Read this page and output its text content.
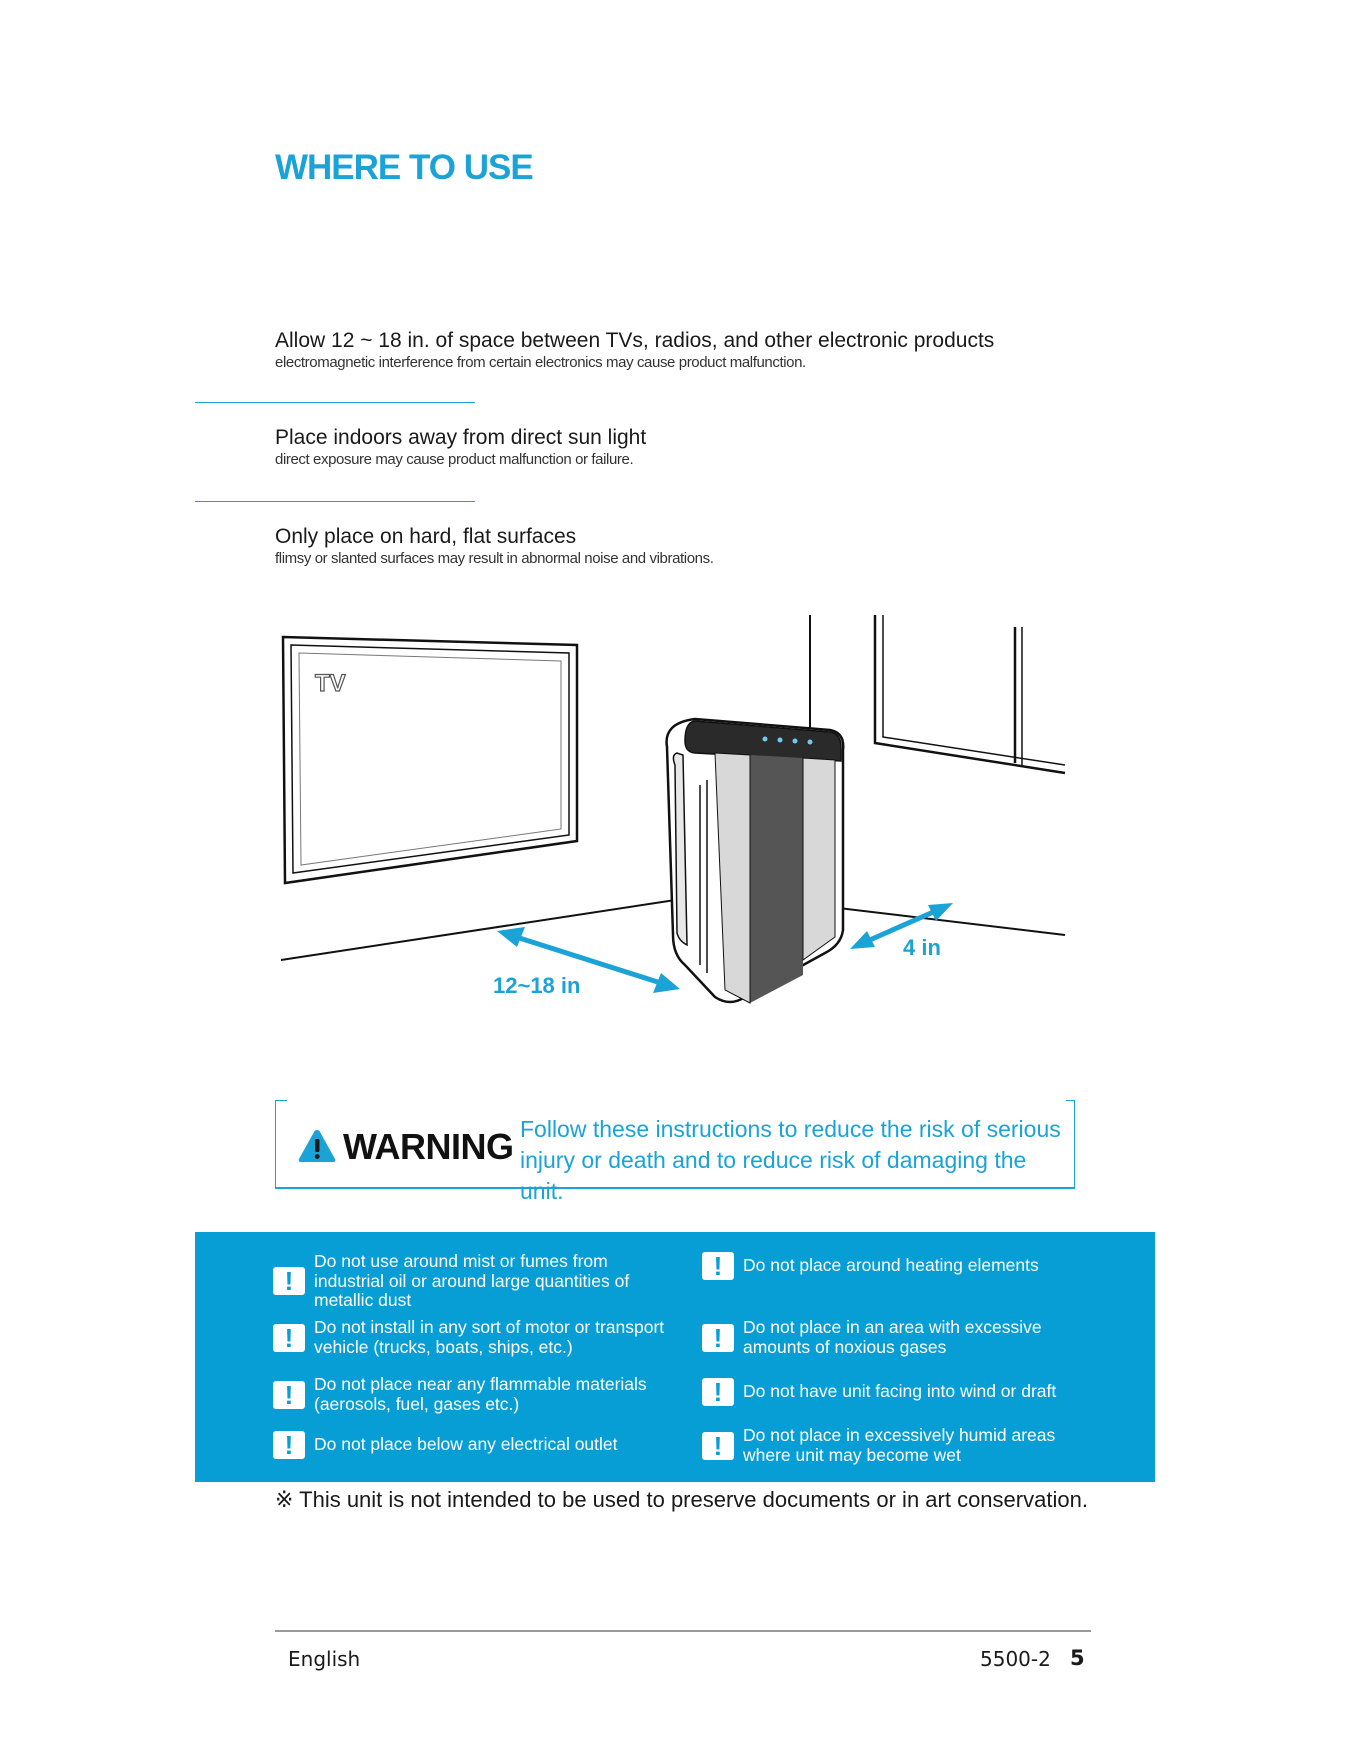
WHERE TO USE
Allow 12 ~ 18 in. of space between TVs, radios, and other electronic products
electromagnetic interference from certain electronics may cause product malfunction.
Place indoors away from direct sun light
direct exposure may cause product malfunction or failure.
Only place on hard, flat surfaces
flimsy or slanted surfaces may result in abnormal noise and vibrations.
TV
12~18 in
4 in
WARNING Follow these instructions to reduce the risk of serious
injury or death and to reduce risk of damaging the unit.
!
Do not use around mist or fumes from industrial oil or around large quantities of metallic dust
!	Do not install in any sort of motor or transport vehicle (trucks, boats, ships, etc.)
!	Do not place near any flammable materials (aerosols, fuel, gases etc.)
!	Do not place below any electrical outlet
!	Do not place around heating elements
!	Do not place in an area with excessive amounts of noxious gases
!	Do not have unit facing into wind or draft
!	Do not place in excessively humid areas where unit may become wet
※ This unit is not intended to be used to preserve documents or in art conservation.
English	5500-2 5
